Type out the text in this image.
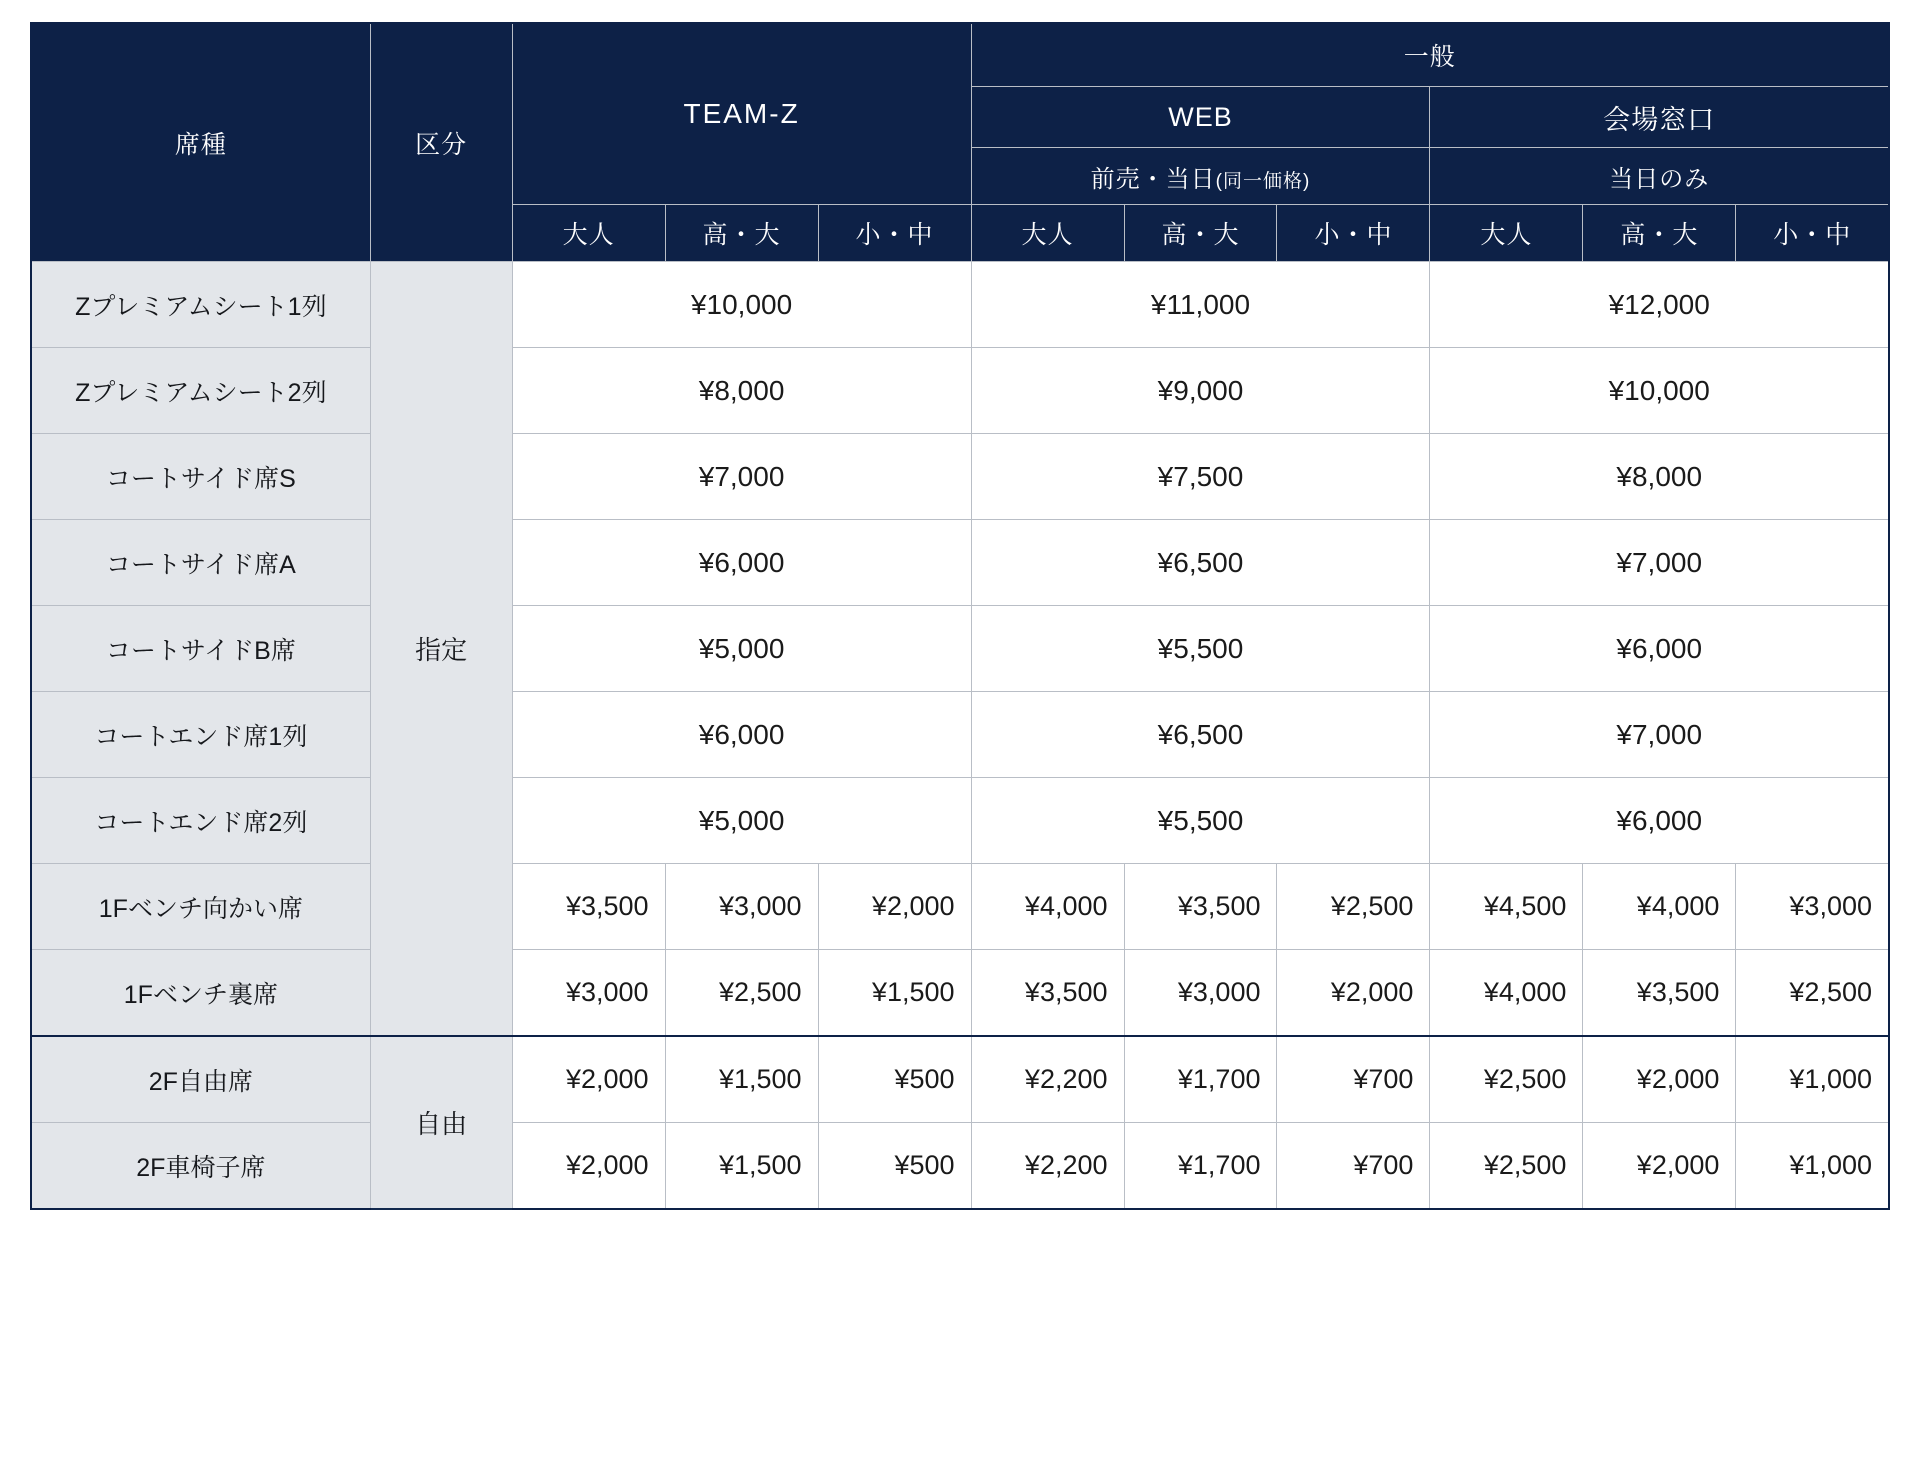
席種	区分	TEAM-Z			一般					
					WEB			会場窓口		
					前売・当日(同一価格)			当日のみ		
		大人	高・大	小・中	大人	高・大	小・中	大人	高・大	小・中
Zプレミアムシート1列	指定	¥10,000			¥11,000			¥12,000		
Zプレミアムシート2列		¥8,000			¥9,000			¥10,000		
コートサイド席S		¥7,000			¥7,500			¥8,000		
コートサイド席A		¥6,000			¥6,500			¥7,000		
コートサイドB席		¥5,000			¥5,500			¥6,000		
コートエンド席1列		¥6,000			¥6,500			¥7,000		
コートエンド席2列		¥5,000			¥5,500			¥6,000		
1Fベンチ向かい席		¥3,500	¥3,000	¥2,000	¥4,000	¥3,500	¥2,500	¥4,500	¥4,000	¥3,000
1Fベンチ裏席		¥3,000	¥2,500	¥1,500	¥3,500	¥3,000	¥2,000	¥4,000	¥3,500	¥2,500
2F自由席	自由	¥2,000	¥1,500	¥500	¥2,200	¥1,700	¥700	¥2,500	¥2,000	¥1,000
2F車椅子席		¥2,000	¥1,500	¥500	¥2,200	¥1,700	¥700	¥2,500	¥2,000	¥1,000
